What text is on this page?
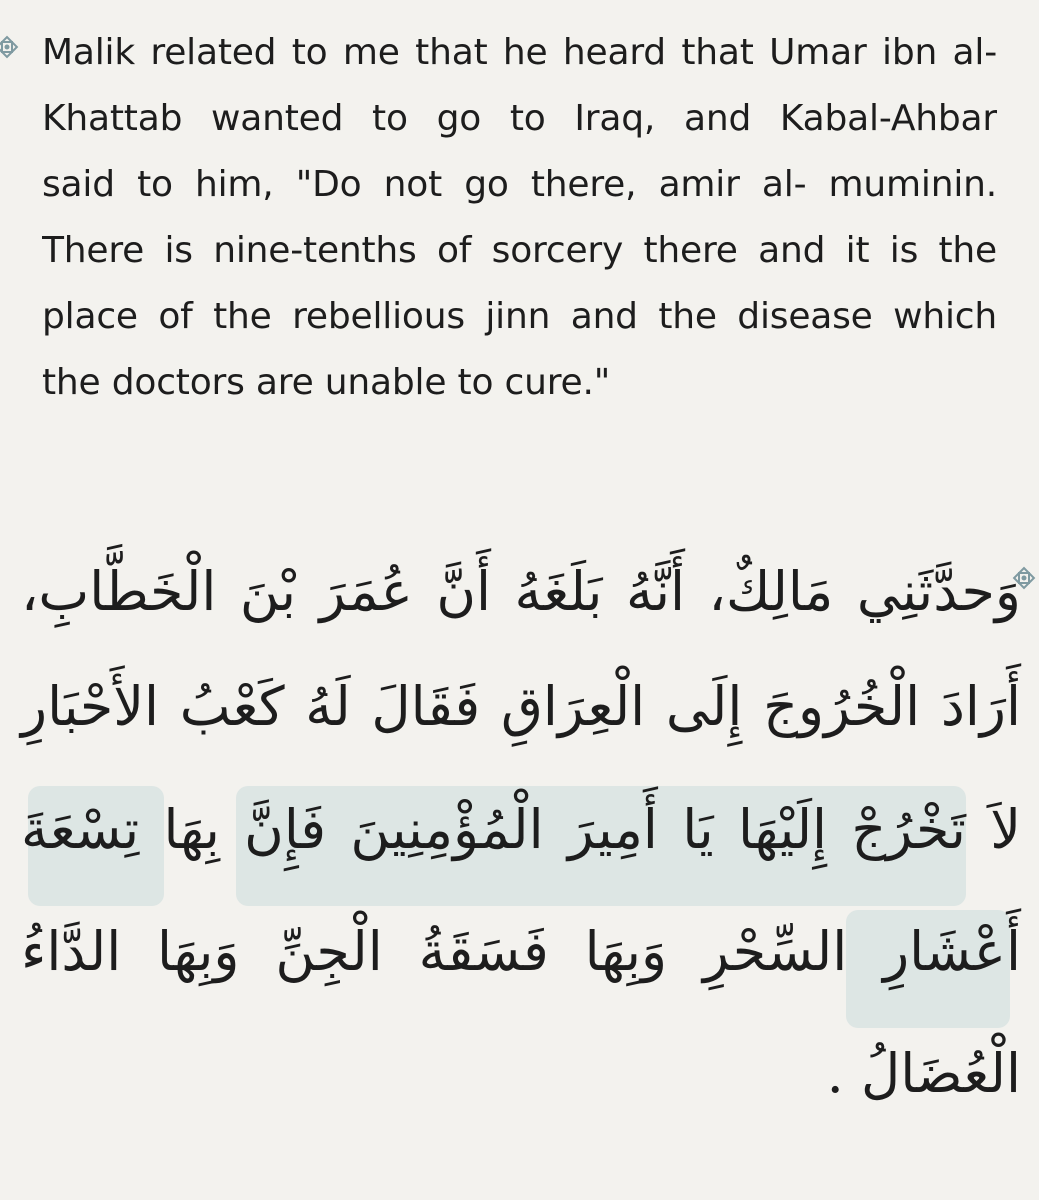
Malik related to me that he heard that Umar ibn al-
Khattab wanted to go to Iraq, and Kabal-Ahbar
said to him, "Do not go there, amir al- muminin.
There is nine-tenths of sorcery there and it is the
place of the rebellious jinn and the disease which
the doctors are unable to cure."
وَحدَّثَنِي مَالِكٌ، أَنَّهُ بَلَغَهُ أَنَّ عُمَرَ بْنَ الْخَطَّابِ،
أَرَادَ الْخُرُوجَ إِلَى الْعِرَاقِ فَقَالَ لَهُ كَعْبُ الأَحْبَارِ
لاَ تَخْرُجْ إِلَيْهَا يَا أَمِيرَ الْمُؤْمِنِينَ فَإِنَّ بِهَا تِسْعَةَ
أَعْشَارِ السِّحْرِ وَبِهَا فَسَقَةُ الْجِنِّ وَبِهَا الدَّاءُ
الْعُضَالُ .
